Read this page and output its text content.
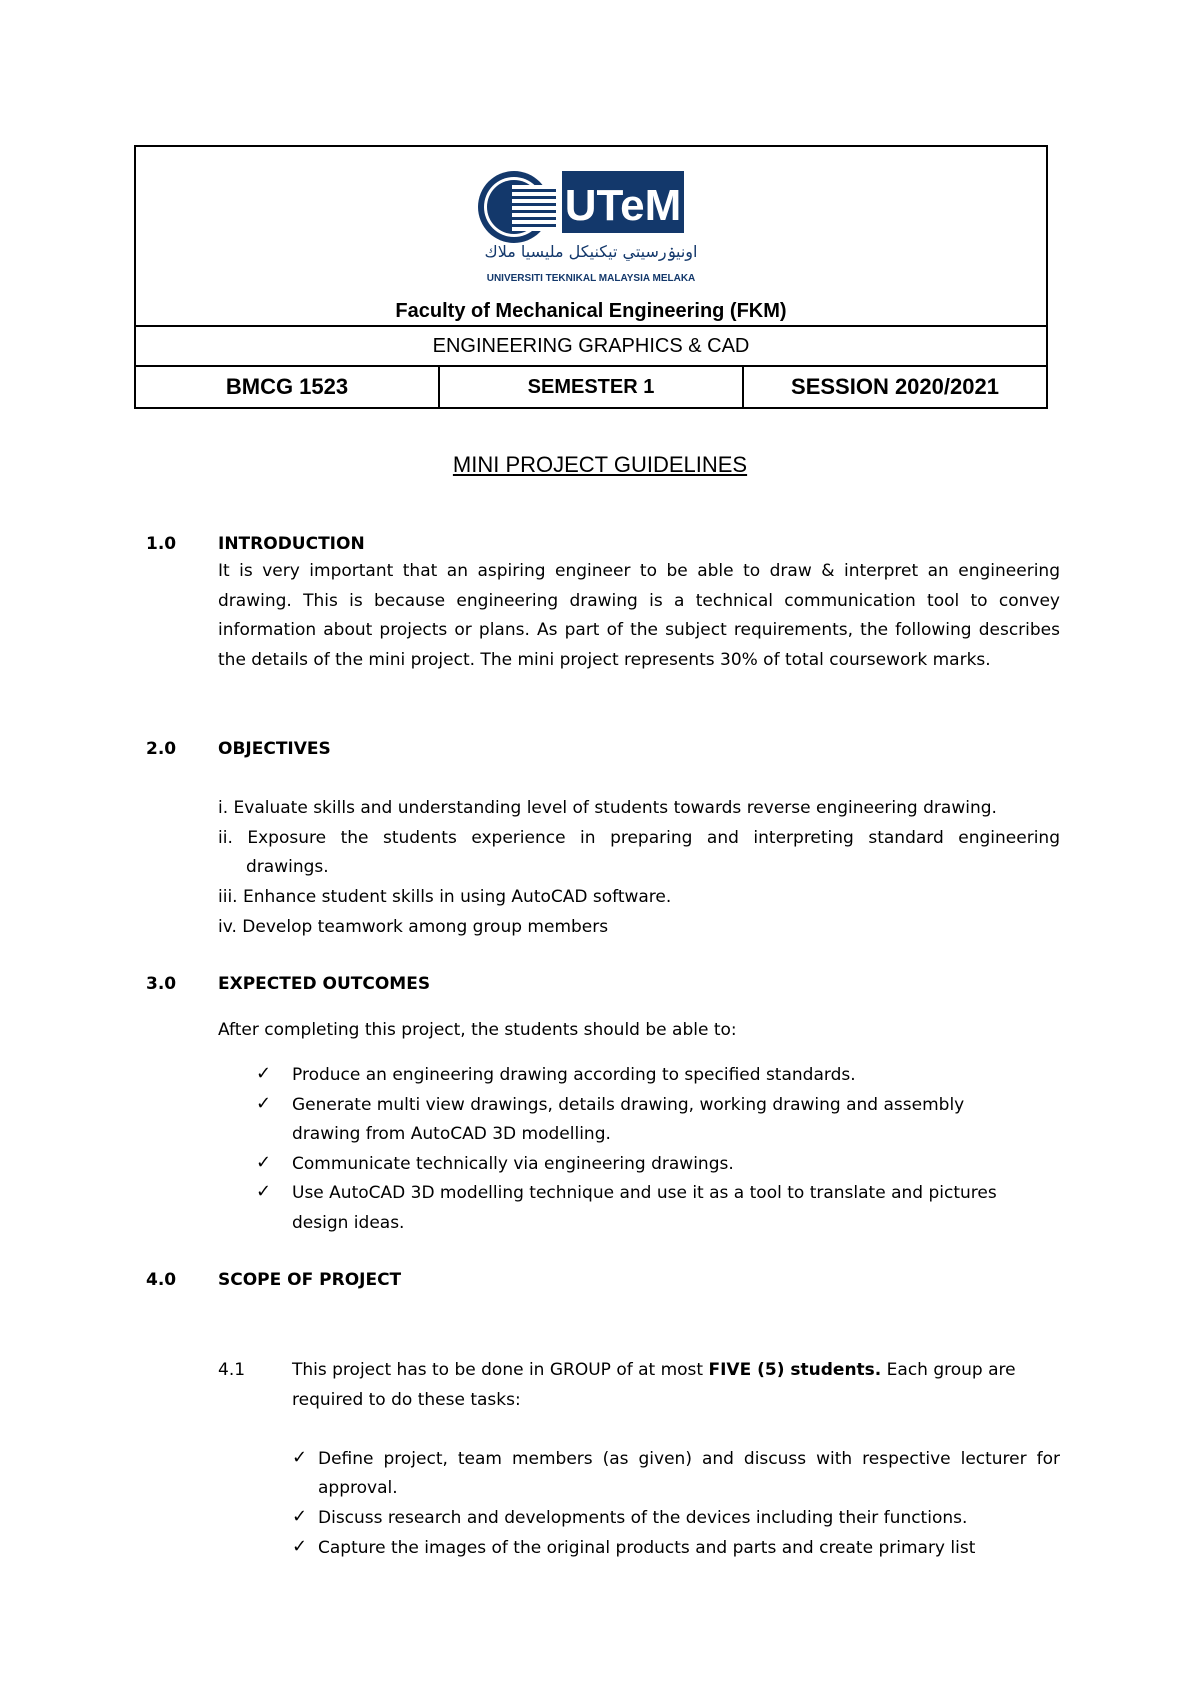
UTeM
اونيۏرسيتي تيكنيكل مليسيا ملاك
UNIVERSITI TEKNIKAL MALAYSIA MELAKA
Faculty of Mechanical Engineering (FKM)
ENGINEERING GRAPHICS & CAD
BMCG 1523	SEMESTER 1	SESSION 2020/2021
MINI PROJECT GUIDELINES
1.0 INTRODUCTION
It is very important that an aspiring engineer to be able to draw & interpret an engineering drawing. This is because engineering drawing is a technical communication tool to convey information about projects or plans. As part of the subject requirements, the following describes the details of the mini project. The mini project represents 30% of total coursework marks.
2.0 OBJECTIVES
i. Evaluate skills and understanding level of students towards reverse engineering drawing.
ii. Exposure the students experience in preparing and interpreting standard engineering
drawings.
iii. Enhance student skills in using AutoCAD software.
iv. Develop teamwork among group members
3.0 EXPECTED OUTCOMES
After completing this project, the students should be able to:
✓ Produce an engineering drawing according to specified standards.
✓ Generate multi view drawings, details drawing, working drawing and assembly
drawing from AutoCAD 3D modelling.
✓ Communicate technically via engineering drawings.
✓ Use AutoCAD 3D modelling technique and use it as a tool to translate and pictures
design ideas.
4.0 SCOPE OF PROJECT
4.1	This project has to be done in GROUP of at most FIVE (5) students. Each group are
required to do these tasks:
✓ Define project, team members (as given) and discuss with respective lecturer for
approval.
✓ Discuss research and developments of the devices including their functions.
✓ Capture the images of the original products and parts and create primary list
